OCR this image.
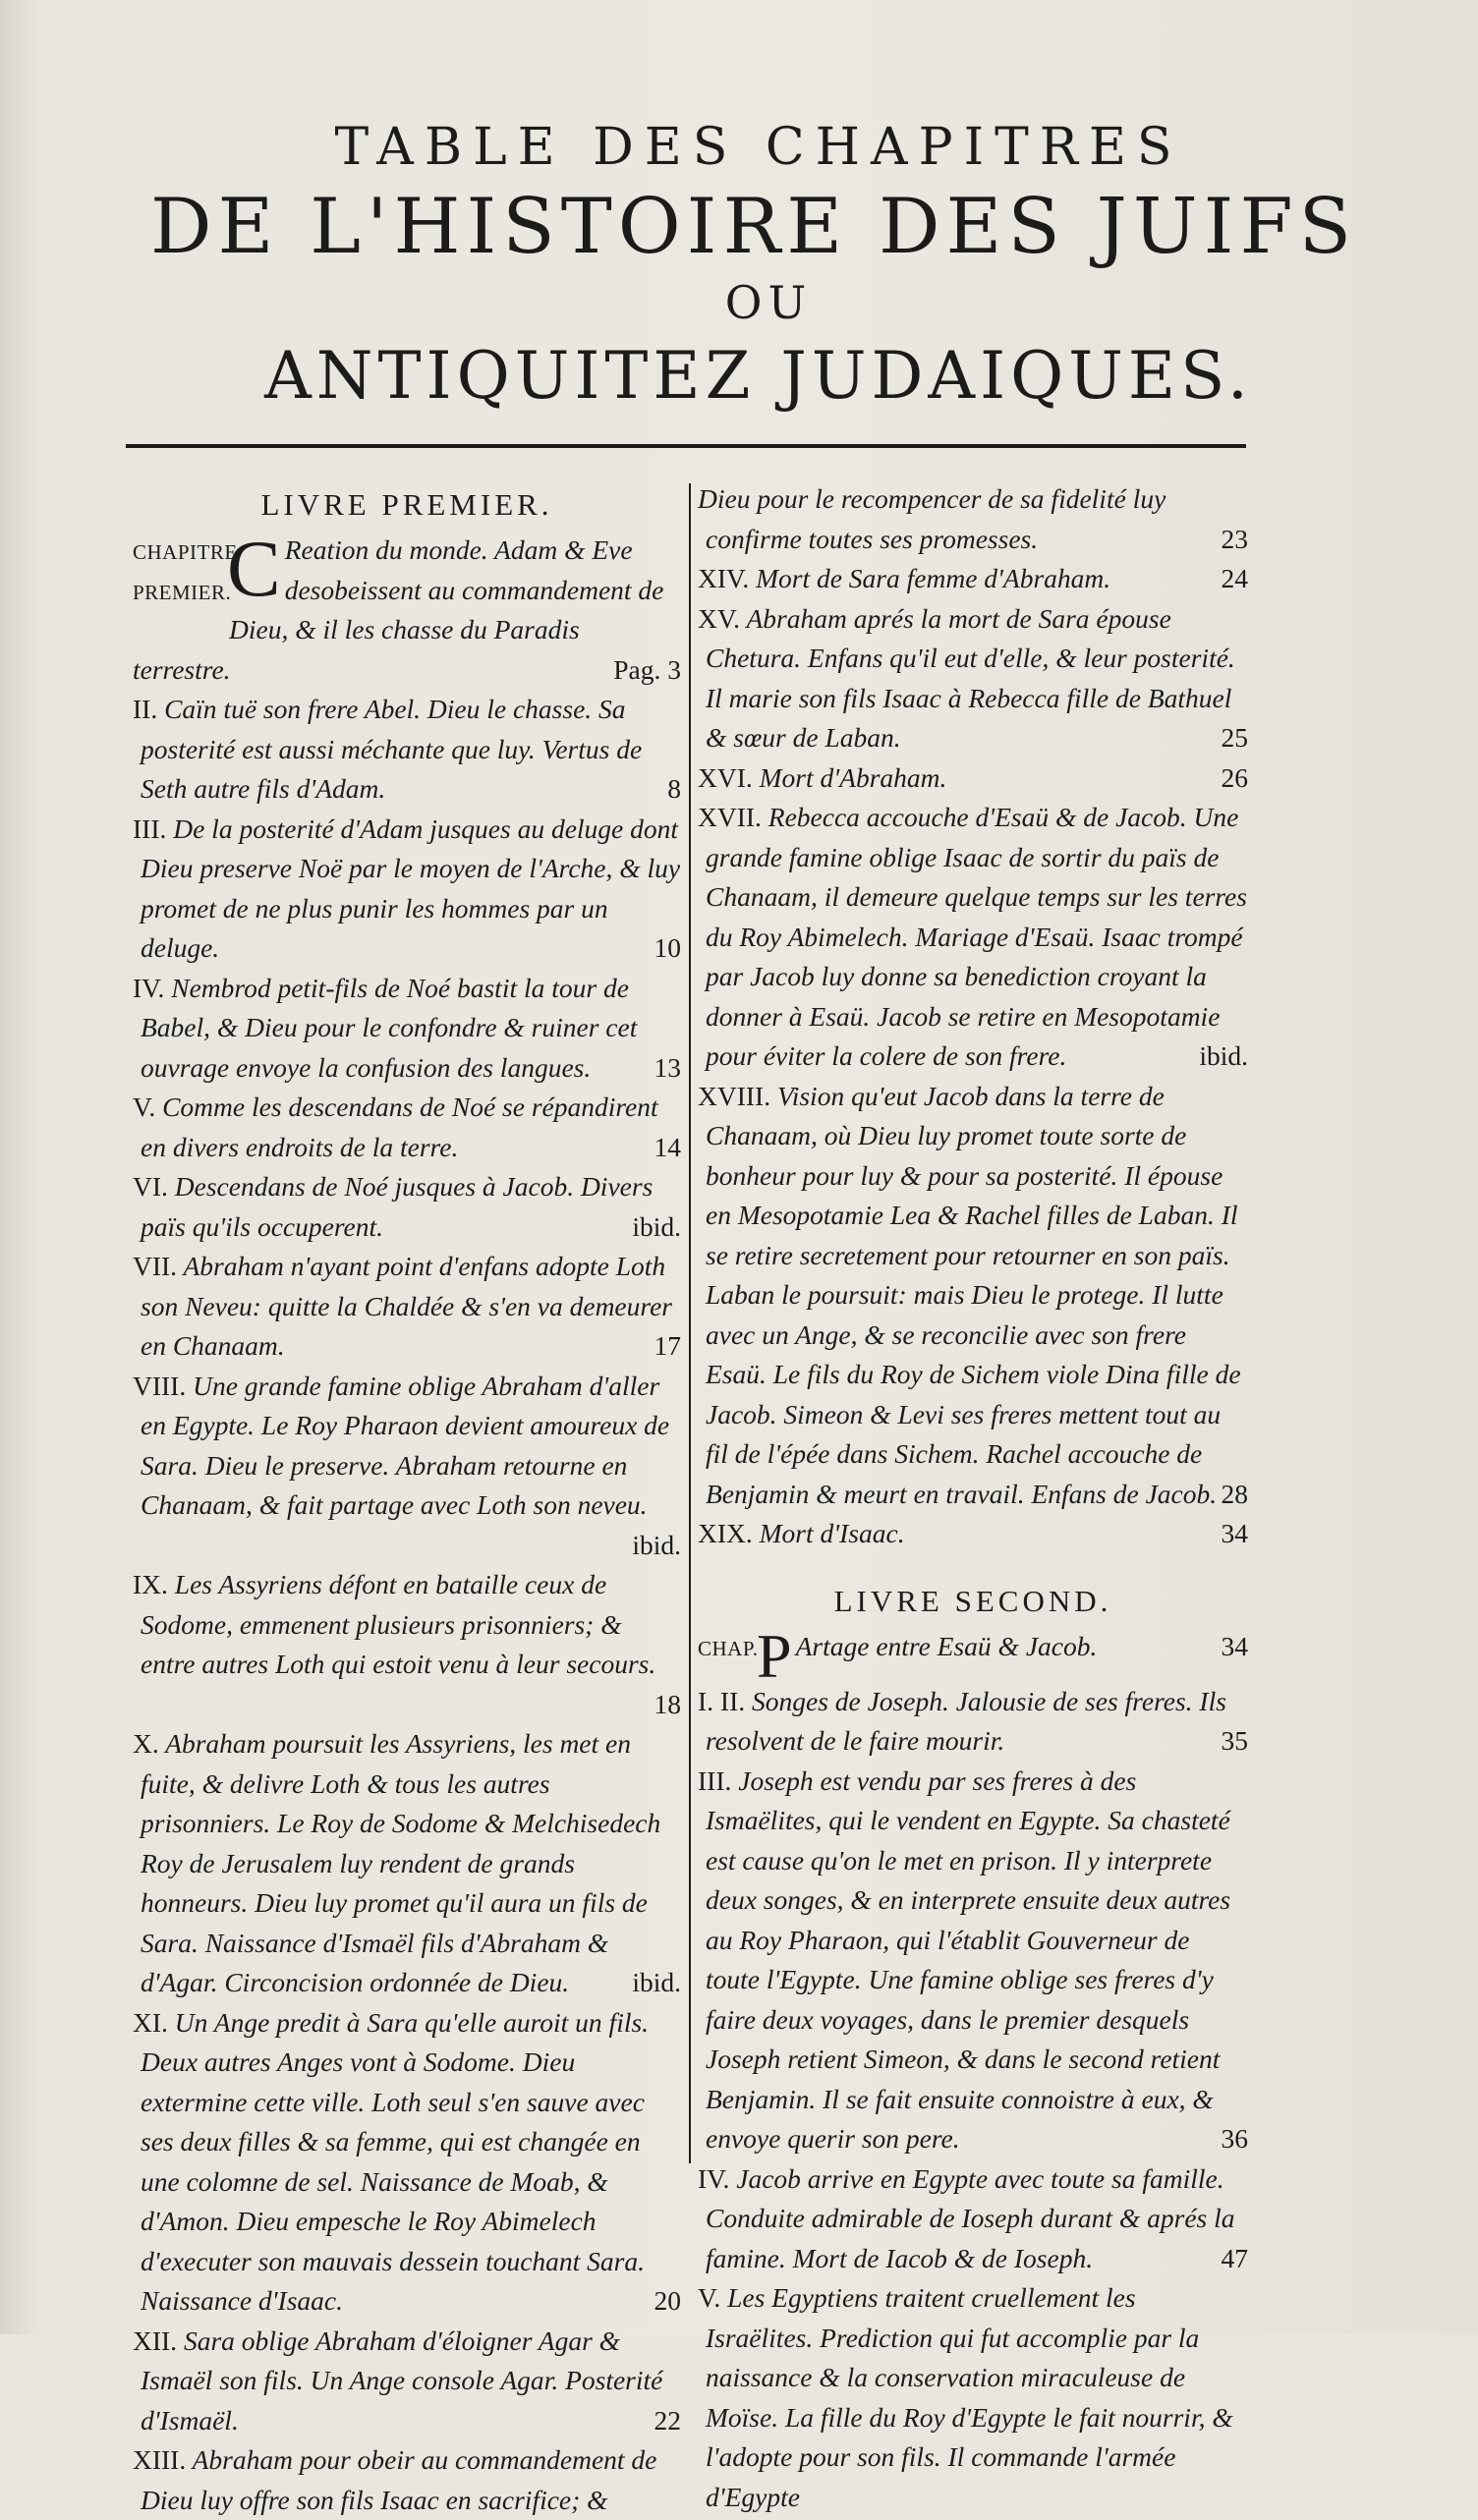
TABLE DES CHAPITRES
DE L'HISTOIRE DES JUIFS
OU
ANTIQUITEZ JUDAIQUES.
LIVRE PREMIER.
CHAPITRE PREMIER.
C Reation du monde. Adam & Eve desobeissent au commandement de Dieu, & il les chasse du Paradis terrestre.	Pag. 3
II. Caïn tuë son frere Abel. Dieu le chasse. Sa posterité est aussi méchante que luy. Vertus de Seth autre fils d'Adam.	8
III. De la posterité d'Adam jusques au deluge dont Dieu preserve Noë par le moyen de l'Arche, & luy promet de ne plus punir les hommes par un deluge.	10
IV. Nembrod petit-fils de Noé bastit la tour de Babel, & Dieu pour le confondre & ruiner cet ouvrage envoye la confusion des langues. 13
V. Comme les descendans de Noé se répandirent en divers endroits de la terre.	14
VI. Descendans de Noé jusques à Jacob. Divers païs qu'ils occuperent.	ibid.
VII. Abraham n'ayant point d'enfans adopte Loth son Neveu: quitte la Chaldée & s'en va demeurer en Chanaam.	17
VIII. Une grande famine oblige Abraham d'aller en Egypte. Le Roy Pharaon devient amoureux de Sara. Dieu le preserve. Abraham retourne en Chanaam, & fait partage avec Loth son neveu.
ibid.
IX. Les Assyriens défont en bataille ceux de Sodome, emmenent plusieurs prisonniers; & entre autres Loth qui estoit venu à leur secours.
18
X. Abraham poursuit les Assyriens, les met en fuite, & delivre Loth & tous les autres prisonniers. Le Roy de Sodome & Melchisedech Roy de Jerusalem luy rendent de grands honneurs. Dieu luy promet qu'il aura un fils de Sara. Naissance d'Ismaël fils d'Abraham & d'Agar. Circoncision ordonnée de Dieu. ibid.
XI. Un Ange predit à Sara qu'elle auroit un fils. Deux autres Anges vont à Sodome. Dieu extermine cette ville. Loth seul s'en sauve avec ses deux filles & sa femme, qui est changée en une colomne de sel. Naissance de Moab, & d'Amon. Dieu empesche le Roy Abimelech d'executer son mauvais dessein touchant Sara. Naissance d'Isaac.	20
XII. Sara oblige Abraham d'éloigner Agar & Ismaël son fils. Un Ange console Agar. Posterité d'Ismaël.	22
XIII. Abraham pour obeir au commandement de Dieu luy offre son fils Isaac en sacrifice; &
Dieu pour le recompencer de sa fidelité luy confirme toutes ses promesses.	23
XIV. Mort de Sara femme d'Abraham.	24
XV. Abraham aprés la mort de Sara épouse Chetura. Enfans qu'il eut d'elle, & leur posterité. Il marie son fils Isaac à Rebecca fille de Bathuel & sœur de Laban.	25
XVI. Mort d'Abraham.	26
XVII. Rebecca accouche d'Esaü & de Jacob. Une grande famine oblige Isaac de sortir du païs de Chanaam, il demeure quelque temps sur les terres du Roy Abimelech. Mariage d'Esaü. Isaac trompé par Jacob luy donne sa benediction croyant la donner à Esaü. Jacob se retire en Mesopotamie pour éviter la colere de son frere.	ibid.
XVIII. Vision qu'eut Jacob dans la terre de Chanaam, où Dieu luy promet toute sorte de bonheur pour luy & pour sa posterité. Il épouse en Mesopotamie Lea & Rachel filles de Laban. Il se retire secretement pour retourner en son païs. Laban le poursuit: mais Dieu le protege. Il lutte avec un Ange, & se reconcilie avec son frere Esaü. Le fils du Roy de Sichem viole Dina fille de Jacob. Simeon & Levi ses freres mettent tout au fil de l'épée dans Sichem. Rachel accouche de Benjamin & meurt en travail. Enfans de Jacob. 28
XIX. Mort d'Isaac.	34
LIVRE SECOND.
CHAP.
P Artage entre Esaü & Jacob.	34
I. II. Songes de Joseph. Jalousie de ses freres. Ils resolvent de le faire mourir.	35
III. Joseph est vendu par ses freres à des Ismaëlites, qui le vendent en Egypte. Sa chasteté est cause qu'on le met en prison. Il y interprete deux songes, & en interprete ensuite deux autres au Roy Pharaon, qui l'établit Gouverneur de toute l'Egypte. Une famine oblige ses freres d'y faire deux voyages, dans le premier desquels Joseph retient Simeon, & dans le second retient Benjamin. Il se fait ensuite connoistre à eux, & envoye querir son pere.	36
IV. Jacob arrive en Egypte avec toute sa famille. Conduite admirable de Ioseph durant & aprés la famine. Mort de Iacob & de Ioseph.	47
V. Les Egyptiens traitent cruellement les Israëlites. Prediction qui fut accomplie par la naissance & la conservation miraculeuse de Moïse. La fille du Roy d'Egypte le fait nourrir, & l'adopte pour son fils. Il commande l'armée d'Egypte
